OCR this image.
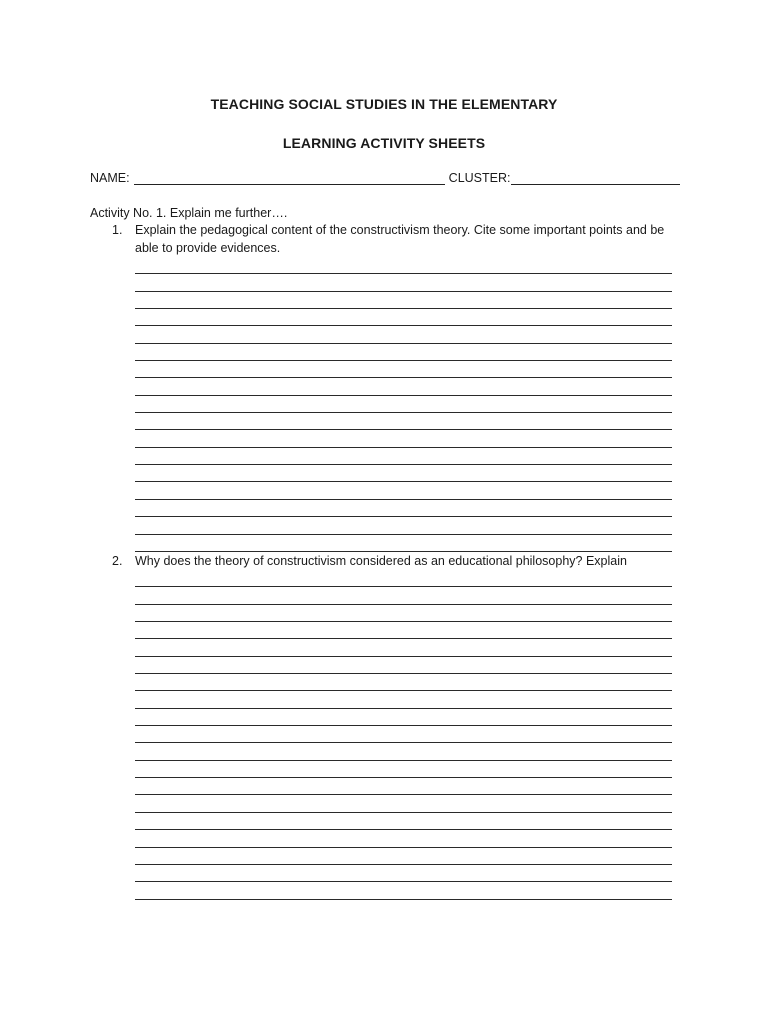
TEACHING SOCIAL STUDIES IN THE ELEMENTARY
LEARNING ACTIVITY SHEETS
NAME:	CLUSTER:
Activity No. 1. Explain me further….
1.	Explain the pedagogical content of the constructivism theory. Cite some important points and be able to provide evidences.
2.	Why does the theory of constructivism considered as an educational philosophy? Explain
